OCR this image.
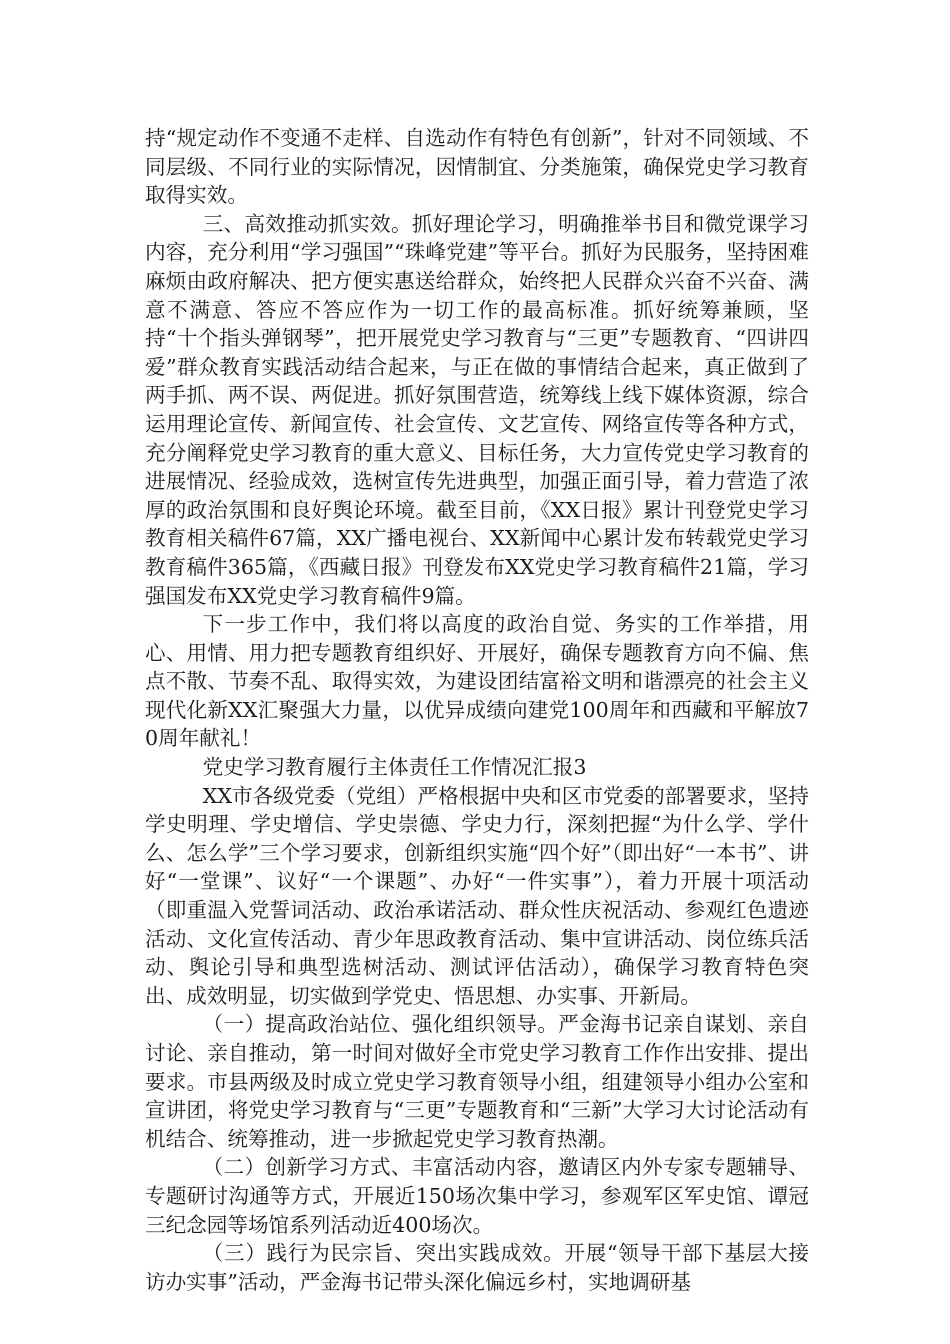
持“规定动作不变通不走样、自选动作有特色有创新”，针对不同领域、不同层级、不同行业的实际情况，因情制宜、分类施策，确保党史学习教育取得实效。

三、高效推动抓实效。抓好理论学习，明确推举书目和微党课学习内容，充分利用“学习强国”“珠峰党建”等平台。抓好为民服务，坚持困难麻烦由政府解决、把方便实惠送给群众，始终把人民群众兴奋不兴奋、满意不满意、答应不答应作为一切工作的最高标准。抓好统筹兼顾，坚持“十个指头弹钢琴”，把开展党史学习教育与“三更”专题教育、“四讲四爱”群众教育实践活动结合起来，与正在做的事情结合起来，真正做到了两手抓、两不误、两促进。抓好氛围营造，统筹线上线下媒体资源，综合运用理论宣传、新闻宣传、社会宣传、文艺宣传、网络宣传等各种方式，充分阐释党史学习教育的重大意义、目标任务，大力宣传党史学习教育的进展情况、经验成效，选树宣传先进典型，加强正面引导，着力营造了浓厚的政治氛围和良好舆论环境。截至目前，《XX日报》累计刊登党史学习教育相关稿件67篇，XX广播电视台、XX新闻中心累计发布转载党史学习教育稿件365篇，《西藏日报》刊登发布XX党史学习教育稿件21篇，学习强国发布XX党史学习教育稿件9篇。

下一步工作中，我们将以高度的政治自觉、务实的工作举措，用心、用情、用力把专题教育组织好、开展好，确保专题教育方向不偏、焦点不散、节奏不乱、取得实效，为建设团结富裕文明和谐漂亮的社会主义现代化新XX汇聚强大力量，以优异成绩向建党100周年和西藏和平解放70周年献礼！

党史学习教育履行主体责任工作情况汇报3

XX市各级党委（党组）严格根据中央和区市党委的部署要求，坚持学史明理、学史增信、学史崇德、学史力行，深刻把握“为什么学、学什么、怎么学”三个学习要求，创新组织实施“四个好”（即出好“一本书”、讲好“一堂课”、议好“一个课题”、办好“一件实事”），着力开展十项活动（即重温入党誓词活动、政治承诺活动、群众性庆祝活动、参观红色遗迹活动、文化宣传活动、青少年思政教育活动、集中宣讲活动、岗位练兵活动、舆论引导和典型选树活动、测试评估活动），确保学习教育特色突出、成效明显，切实做到学党史、悟思想、办实事、开新局。

（一）提高政治站位、强化组织领导。严金海书记亲自谋划、亲自讨论、亲自推动，第一时间对做好全市党史学习教育工作作出安排、提出要求。市县两级及时成立党史学习教育领导小组，组建领导小组办公室和宣讲团，将党史学习教育与“三更”专题教育和“三新”大学习大讨论活动有机结合、统筹推动，进一步掀起党史学习教育热潮。

（二）创新学习方式、丰富活动内容，邀请区内外专家专题辅导、专题研讨沟通等方式，开展近150场次集中学习，参观军区军史馆、谭冠三纪念园等场馆系列活动近400场次。

（三）践行为民宗旨、突出实践成效。开展“领导干部下基层大接访办实事”活动，严金海书记带头深化偏远乡村，实地调研基
